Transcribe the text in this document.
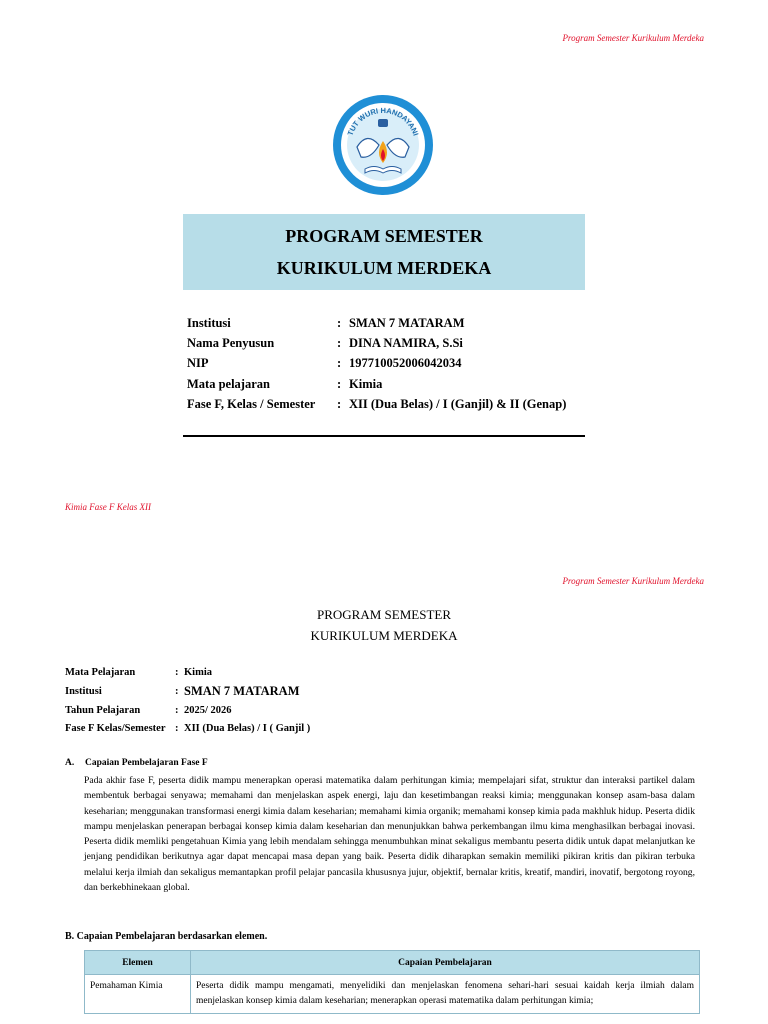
Program Semester Kurikulum Merdeka
TUT WURI HANDAYANI
PROGRAM SEMESTER
KURIKULUM MERDEKA
Institusi	: SMAN 7 MATARAM
Nama Penyusun	: DINA NAMIRA, S.Si
NIP	: 197710052006042034
Mata pelajaran	: Kimia
Fase F, Kelas / Semester	: XII (Dua Belas) / I (Ganjil) & II (Genap)
Kimia Fase F Kelas XII
Program Semester Kurikulum Merdeka
PROGRAM SEMESTER
KURIKULUM MERDEKA
Mata Pelajaran	: Kimia
Institusi	: SMAN 7 MATARAM
Tahun Pelajaran	: 2025/ 2026
Fase F Kelas/Semester : XII (Dua Belas) / I ( Ganjil )
A. Capaian Pembelajaran Fase F
Pada akhir fase F, peserta didik mampu menerapkan operasi matematika dalam perhitungan kimia; mempelajari sifat, struktur dan interaksi partikel dalam membentuk berbagai senyawa; memahami dan menjelaskan aspek energi, laju dan kesetimbangan reaksi kimia; menggunakan konsep asam-basa dalam keseharian; menggunakan transformasi energi kimia dalam keseharian; memahami kimia organik; memahami konsep kimia pada makhluk hidup. Peserta didik mampu menjelaskan penerapan berbagai konsep kimia dalam keseharian dan menunjukkan bahwa perkembangan ilmu kima menghasilkan berbagai inovasi. Peserta didik memliki pengetahuan Kimia yang lebih mendalam sehingga menumbuhkan minat sekaligus membantu peserta didik untuk dapat melanjutkan ke jenjang pendidikan berikutnya agar dapat mencapai masa depan yang baik. Peserta didik diharapkan semakin memiliki pikiran kritis dan pikiran terbuka melalui kerja ilmiah dan sekaligus memantapkan profil pelajar pancasila khususnya jujur, objektif, bernalar kritis, kreatif, mandiri, inovatif, bergotong royong, dan berkebhinekaan global.
B. Capaian Pembelajaran berdasarkan elemen.
Elemen	Capaian Pembelajaran
Pemahaman Kimia	Peserta didik mampu mengamati, menyelidiki dan menjelaskan fenomena sehari-hari sesuai kaidah kerja ilmiah dalam menjelaskan konsep kimia dalam keseharian; menerapkan operasi matematika dalam perhitungan kimia;
